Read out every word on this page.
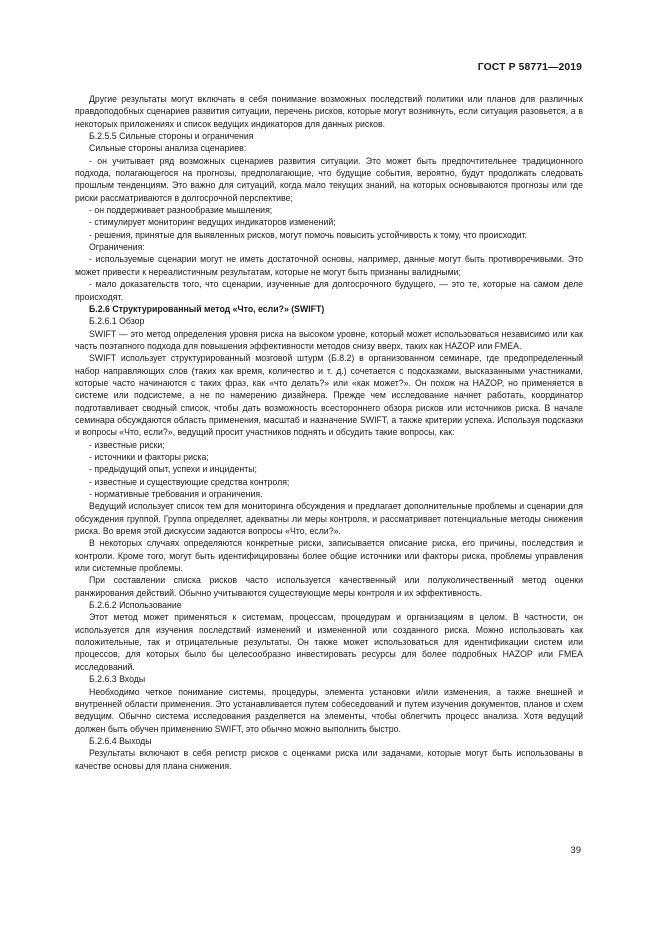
ГОСТ Р 58771—2019

Другие результаты могут включать в себя понимание возможных последствий политики или планов для различных правдоподобных сценариев развития ситуации, перечень рисков, которые могут возникнуть, если ситуация разовьется, а в некоторых приложениях и список ведущих индикаторов для данных рисков.

Б.2.5.5 Сильные стороны и ограничения

Сильные стороны анализа сценариев:

- он учитывает ряд возможных сценариев развития ситуации. Это может быть предпочтительнее традиционного подхода, полагающегося на прогнозы, предполагающие, что будущие события, вероятно, будут продолжать следовать прошлым тенденциям. Это важно для ситуаций, когда мало текущих знаний, на которых основываются прогнозы или где риски рассматриваются в долгосрочной перспективе;

- он поддерживает разнообразие мышления;

- стимулирует мониторинг ведущих индикаторов изменений;

- решения, принятые для выявленных рисков, могут помочь повысить устойчивость к тому, что происходит.

Ограничения:

- используемые сценарии могут не иметь достаточной основы, например, данные могут быть противоречивыми. Это может привести к нереалистичным результатам, которые не могут быть признаны валидными;

- мало доказательств того, что сценарии, изученные для долгосрочного будущего, — это те, которые на самом деле происходят.

Б.2.6 Структурированный метод «Что, если?» (SWIFT)

Б.2.6.1 Обзор

SWIFT — это метод определения уровня риска на высоком уровне, который может использоваться независимо или как часть поэтапного подхода для повышения эффективности методов снизу вверх, таких как HAZOP или FMEA.

SWIFT использует структурированный мозговой штурм (Б.8.2) в организованном семинаре, где предопределенный набор направляющих слов (таких как время, количество и т. д.) сочетается с подсказками, высказанными участниками, которые часто начинаются с таких фраз, как «что делать?» или «как может?». Он похож на HAZOP, но применяется в системе или подсистеме, а не по намерению дизайнера. Прежде чем исследование начнет работать, координатор подготавливает сводный список, чтобы дать возможность всестороннего обзора рисков или источников риска. В начале семинара обсуждаются область применения, масштаб и назначение SWIFT, а также критерии успеха. Используя подсказки и вопросы «Что, если?», ведущий просит участников поднять и обсудить такие вопросы, как:

- известные риски;

- источники и факторы риска;

- предыдущий опыт, успехи и инциденты;

- известные и существующие средства контроля;

- нормативные требования и ограничения.

Ведущий использует список тем для мониторинга обсуждения и предлагает дополнительные проблемы и сценарии для обсуждения группой. Группа определяет, адекватны ли меры контроля, и рассматривает потенциальные методы снижения риска. Во время этой дискуссии задаются вопросы «Что, если?».

В некоторых случаях определяются конкретные риски, записывается описание риска, его причины, последствия и контроли. Кроме того, могут быть идентифицированы более общие источники или факторы риска, проблемы управления или системные проблемы.

При составлении списка рисков часто используется качественный или полуколичественный метод оценки ранжирования действий. Обычно учитываются существующие меры контроля и их эффективность.

Б.2.6.2 Использование

Этот метод может применяться к системам, процессам, процедурам и организациям в целом. В частности, он используется для изучения последствий изменений и измененной или созданного риска. Можно использовать как положительные, так и отрицательные результаты. Он также может использоваться для идентификации систем или процессов, для которых было бы целесообразно инвестировать ресурсы для более подробных HAZOP или FMEA исследований.

Б.2.6.3 Входы

Необходимо четкое понимание системы, процедуры, элемента установки и/или изменения, а также внешней и внутренней области применения. Это устанавливается путем собеседований и путем изучения документов, планов и схем ведущим. Обычно система исследования разделяется на элементы, чтобы облегчить процесс анализа. Хотя ведущий должен быть обучен применению SWIFT, это обычно можно выполнить быстро.

Б.2.6.4 Выходы

Результаты включают в себя регистр рисков с оценками риска или задачами, которые могут быть использованы в качестве основы для плана снижения.

39
